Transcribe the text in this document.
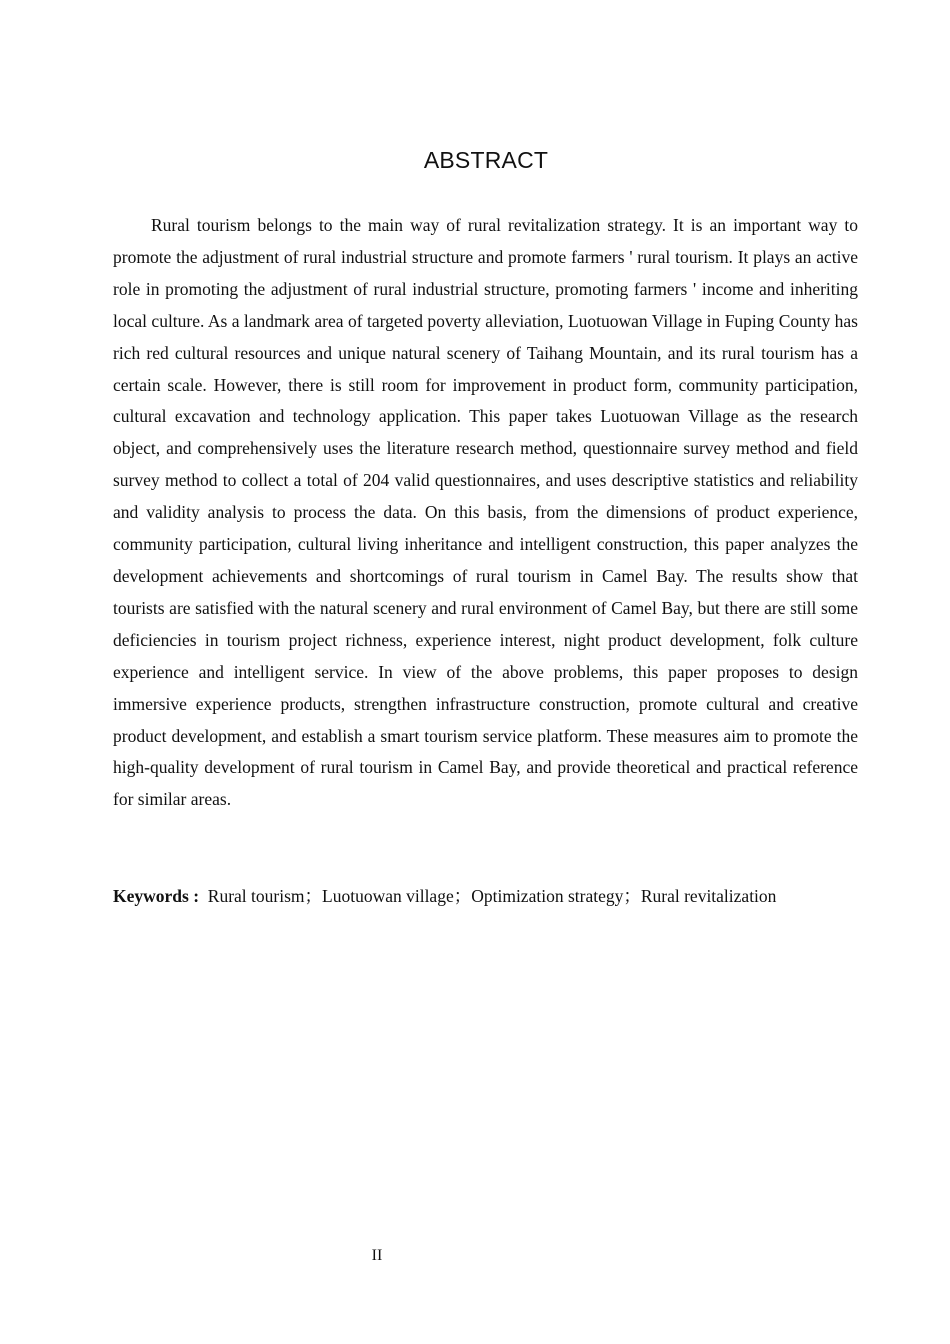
ABSTRACT

Rural tourism belongs to the main way of rural revitalization strategy. It is an important way to promote the adjustment of rural industrial structure and promote farmers ' rural tourism. It plays an active role in promoting the adjustment of rural industrial structure, promoting farmers ' income and inheriting local culture. As a landmark area of targeted poverty alleviation, Luotuowan Village in Fuping County has rich red cultural resources and unique natural scenery of Taihang Mountain, and its rural tourism has a certain scale. However, there is still room for improvement in product form, community participation, cultural excavation and technology application. This paper takes Luotuowan Village as the research object, and comprehensively uses the literature research method, questionnaire survey method and field survey method to collect a total of 204 valid questionnaires, and uses descriptive statistics and reliability and validity analysis to process the data. On this basis, from the dimensions of product experience, community participation, cultural living inheritance and intelligent construction, this paper analyzes the development achievements and shortcomings of rural tourism in Camel Bay. The results show that tourists are satisfied with the natural scenery and rural environment of Camel Bay, but there are still some deficiencies in tourism project richness, experience interest, night product development, folk culture experience and intelligent service. In view of the above problems, this paper proposes to design immersive experience products, strengthen infrastructure construction, promote cultural and creative product development, and establish a smart tourism service platform. These measures aim to promote the high-quality development of rural tourism in Camel Bay, and provide theoretical and practical reference for similar areas.

Keywords : Rural tourism；Luotuowan village；Optimization strategy；Rural revitalization
II
